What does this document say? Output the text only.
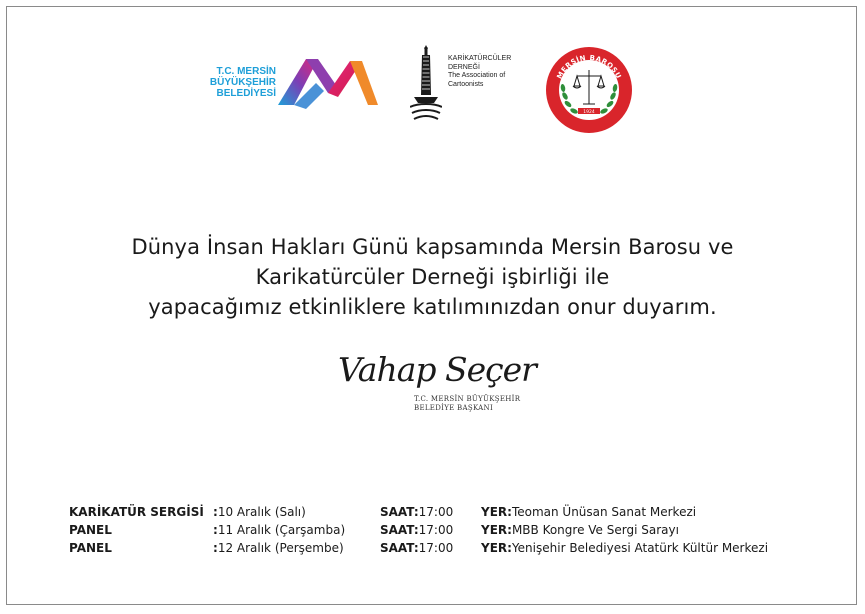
T.C. MERSİN
BÜYÜKŞEHİR
BELEDİYESİ
KARİKATÜRCÜLER
DERNEĞİ
The Association of
Cartoonists
MERSİN BAROSU
1924
Dünya İnsan Hakları Günü kapsamında Mersin Barosu ve
Karikatürcüler Derneği işbirliği ile
yapacağımız etkinliklere katılımınızdan onur duyarım.
Vahap Seçer
T.C. MERSİN BÜYÜKŞEHİR
BELEDİYE BAŞKANI
KARİKATÜR SERGİSİ :10 Aralık (Salı)	SAAT:17:00 YER:Teoman Ünüsan Sanat Merkezi
PANEL	:11 Aralık (Çarşamba)	SAAT:17:00 YER:MBB Kongre Ve Sergi Sarayı
PANEL	:12 Aralık (Perşembe)	SAAT:17:00 YER:Yenişehir Belediyesi Atatürk Kültür Merkezi
